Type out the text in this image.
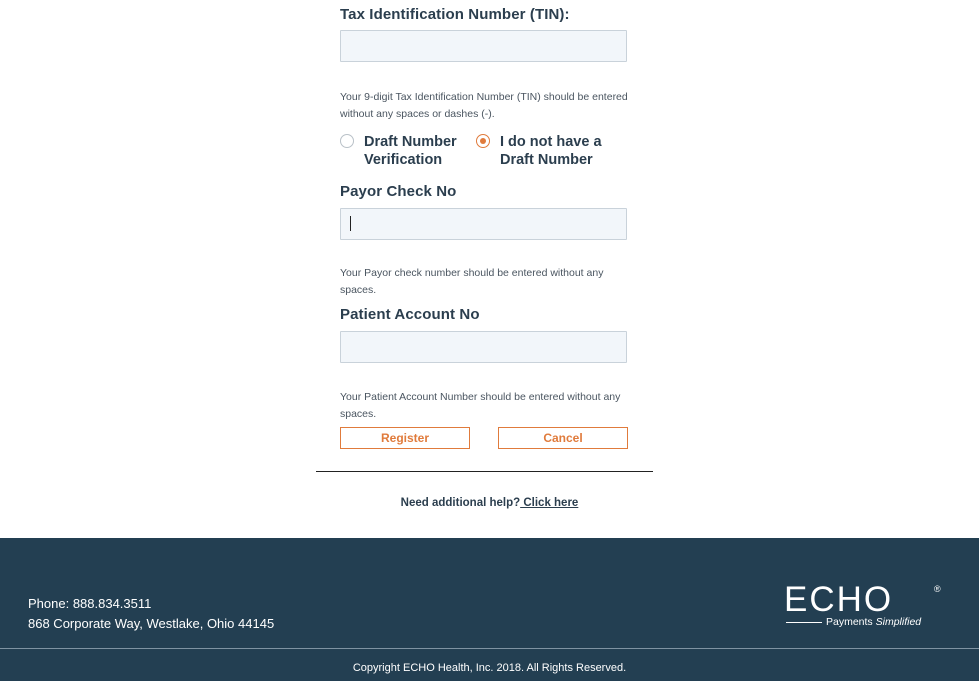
Tax Identification Number (TIN):
Your 9-digit Tax Identification Number (TIN) should be entered without any spaces or dashes (-).
Draft Number
Verification
I do not have a
Draft Number
Payor Check No
Your Payor check number should be entered without any spaces.
Patient Account No
Your Patient Account Number should be entered without any spaces.
Register	Cancel
Need additional help? Click here
Phone: 888.834.3511
868 Corporate Way, Westlake, Ohio 44145
ECHO	®
Payments Simplified
Copyright ECHO Health, Inc. 2018. All Rights Reserved.
